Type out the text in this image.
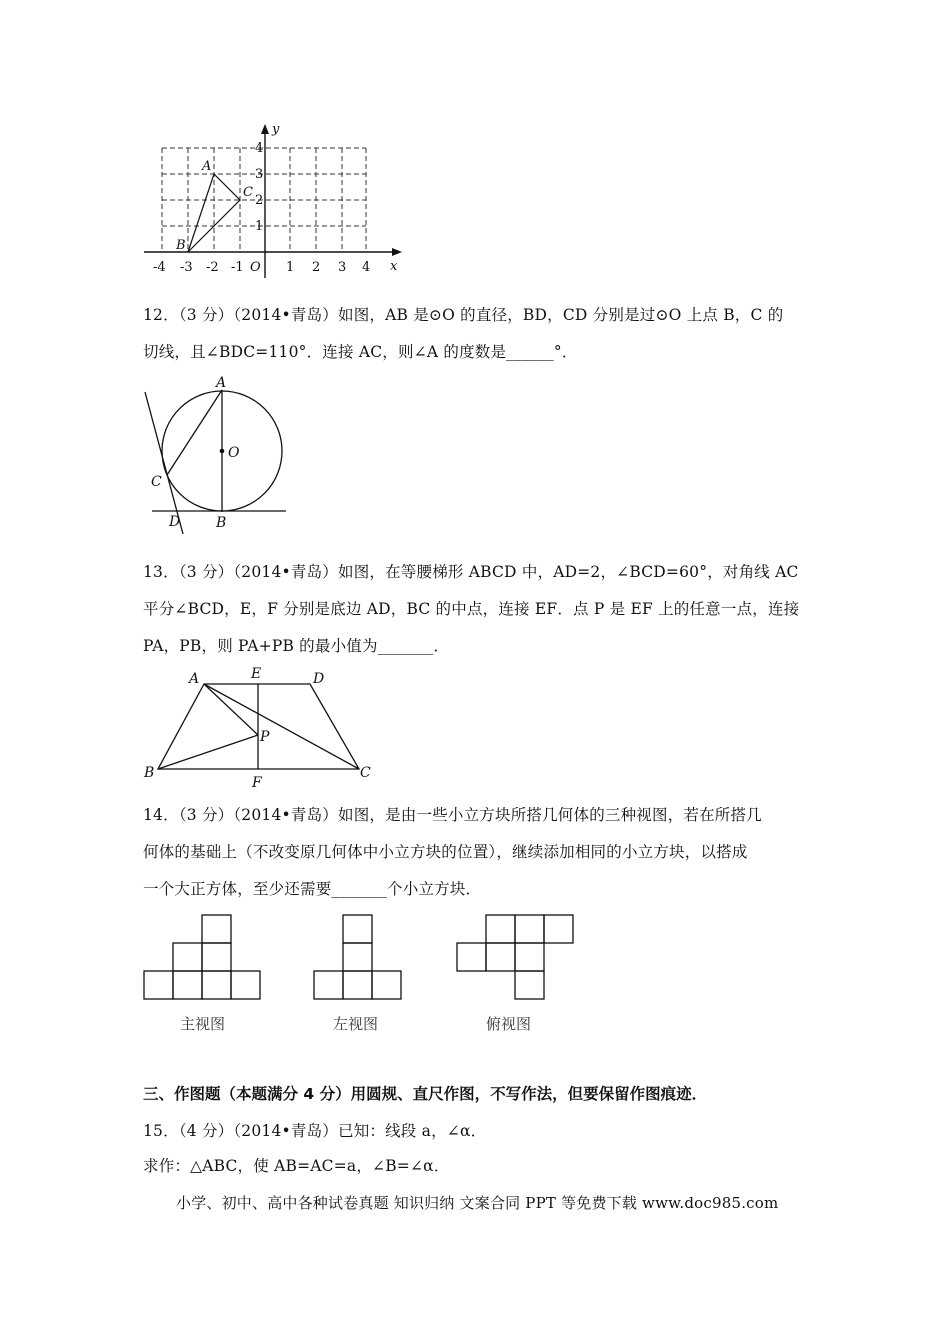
-4 -3 -2 -1 O 1 2 3 4 x
y
4
3
2
1
A
B
C
12．（3 分）（2014•青岛）如图，AB 是⊙O 的直径，BD，CD 分别是过⊙O 上点 B，C 的
切线，且∠BDC=110°．连接 AC，则∠A 的度数是______°．
A
O
C
D	B
13．（3 分）（2014•青岛）如图，在等腰梯形 ABCD 中，AD=2，∠BCD=60°，对角线 AC
平分∠BCD，E，F 分别是底边 AD，BC 的中点，连接 EF．点 P 是 EF 上的任意一点，连接
PA，PB，则 PA+PB 的最小值为_______．
A	E	D
P
B
F
C
14．（3 分）（2014•青岛）如图，是由一些小立方块所搭几何体的三种视图，若在所搭几
何体的基础上（不改变原几何体中小立方块的位置），继续添加相同的小立方块，以搭成
一个大正方体，至少还需要_______个小立方块．
主视图	左视图	俯视图
三、作图题（本题满分 4 分）用圆规、直尺作图，不写作法，但要保留作图痕迹．
15．（4 分）（2014•青岛）已知：线段 a，∠α．
求作：△ABC，使 AB=AC=a，∠B=∠α．
小学、初中、高中各种试卷真题 知识归纳 文案合同 PPT 等免费下载 www.doc985.com
